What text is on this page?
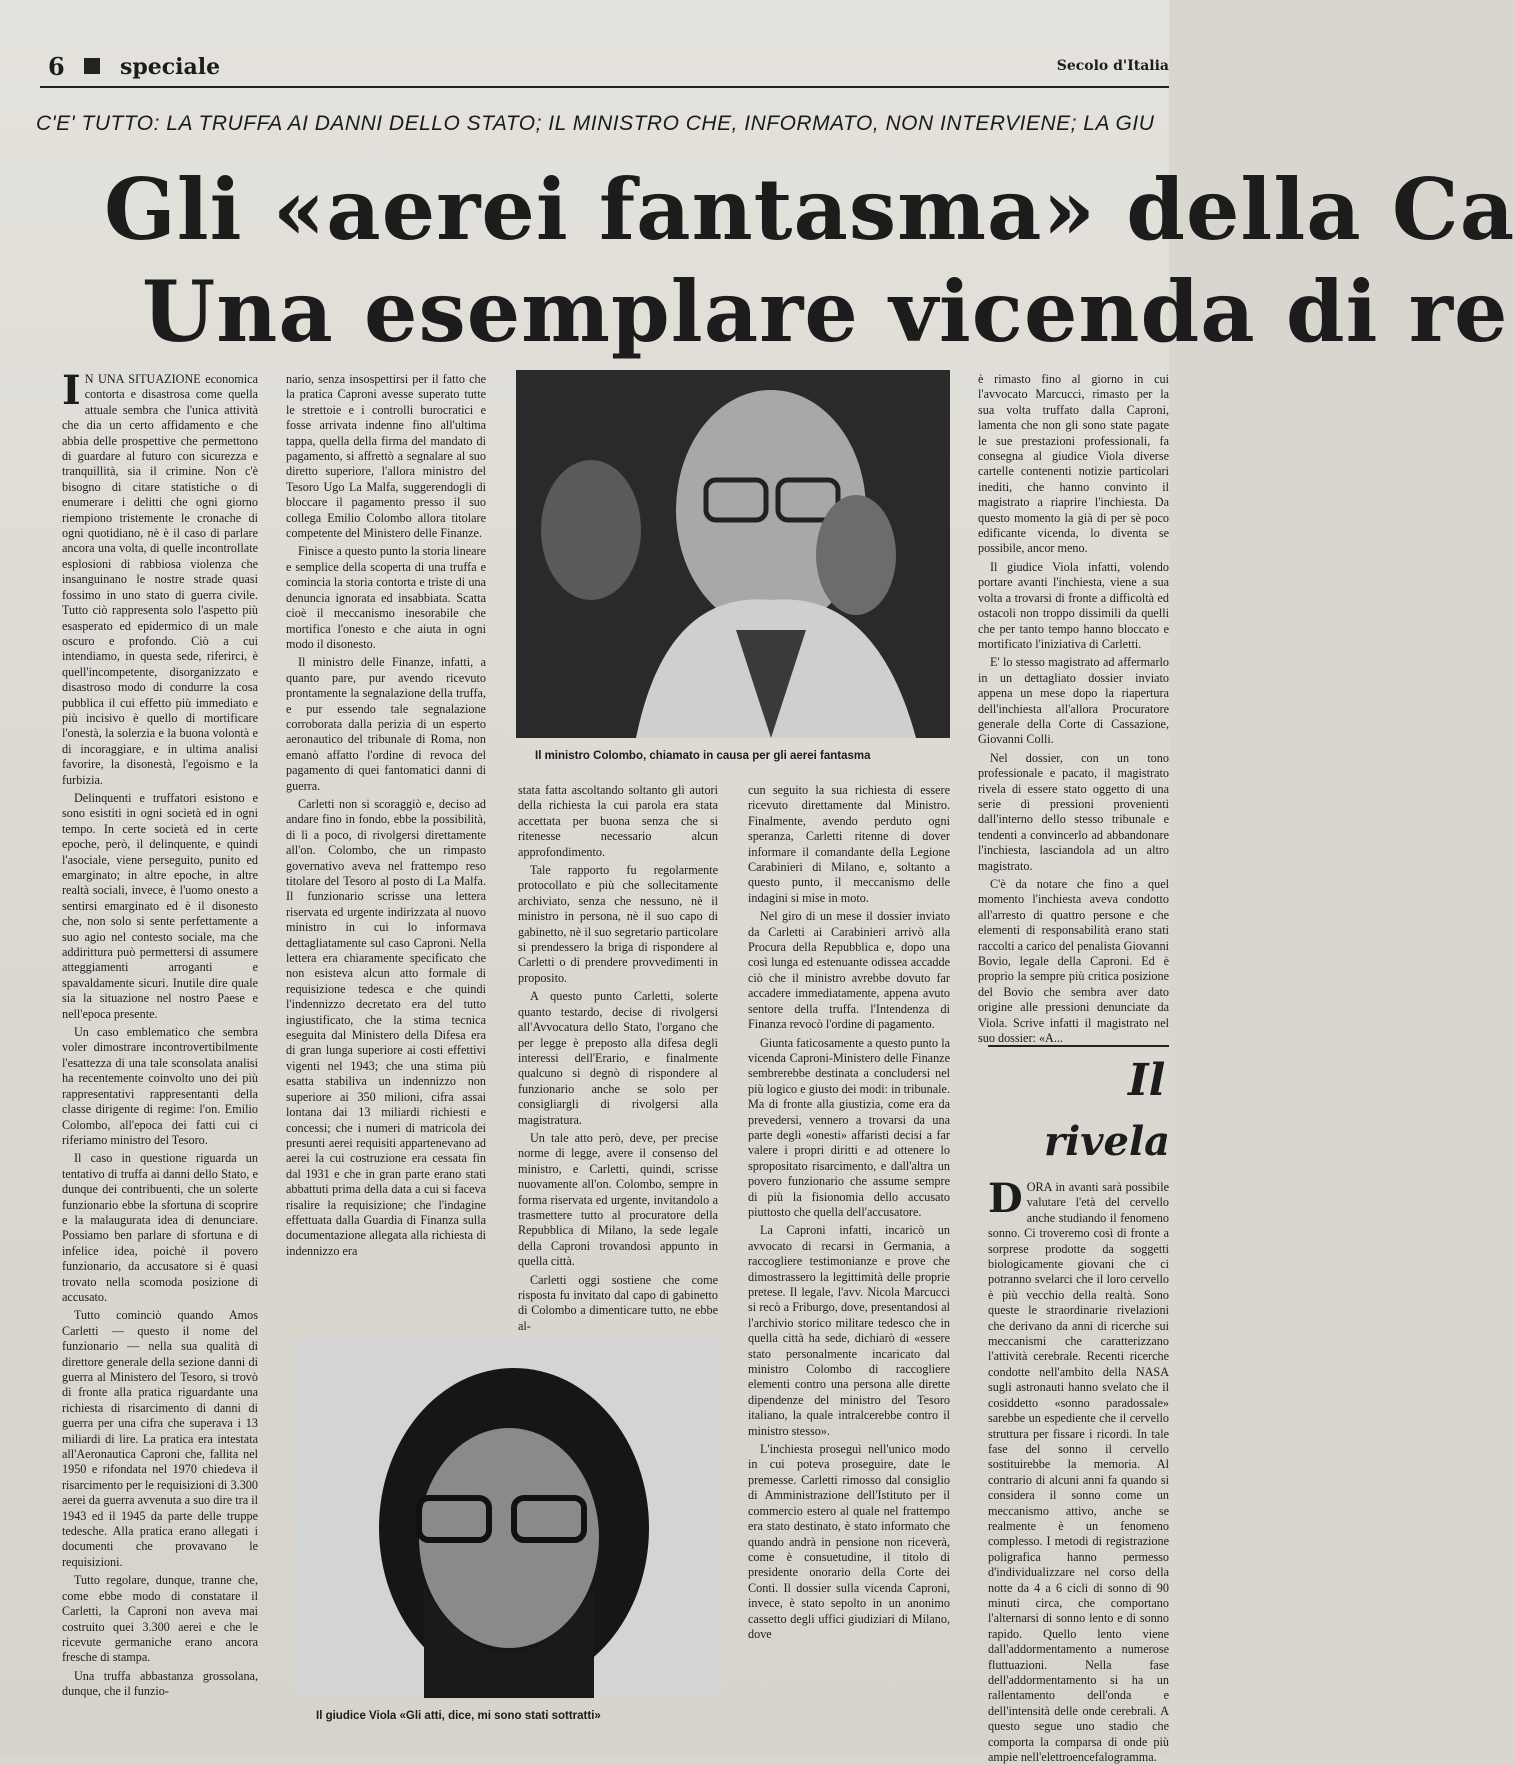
6	speciale	Secolo d'Italia
C'E' TUTTO: LA TRUFFA AI DANNI DELLO STATO; IL MINISTRO CHE, INFORMATO, NON INTERVIENE; LA GIU
Gli «aerei fantasma» della Ca
Una esemplare vicenda di re

I N UNA SITUAZIONE economica contorta e disastrosa come quella attuale sembra che l'unica attività che dia un certo affidamento e che abbia delle prospettive che permettono di guardare al futuro con sicurezza e tranquillità, sia il crimine. Non c'è bisogno di citare statistiche o di enumerare i delitti che ogni giorno riempiono tristemente le cronache di ogni quotidiano, nè è il caso di parlare ancora una volta, di quelle incontrollate esplosioni di rabbiosa violenza che insanguinano le nostre strade quasi fossimo in uno stato di guerra civile. Tutto ciò rappresenta solo l'aspetto più esasperato ed epidermico di un male oscuro e profondo. Ciò a cui intendiamo, in questa sede, riferirci, è quell'incompetente, disorganizzato e disastroso modo di condurre la cosa pubblica il cui effetto più immediato e più incisivo è quello di mortificare l'onestà, la solerzia e la buona volontà e di incoraggiare, e in ultima analisi favorire, la disonestà, l'egoismo e la furbizia.

Delinquenti e truffatori esistono e sono esistiti in ogni società ed in ogni tempo. In certe società ed in certe epoche, però, il delinquente, e quindi l'asociale, viene perseguito, punito ed emarginato; in altre epoche, in altre realtà sociali, invece, è l'uomo onesto a sentirsi emarginato ed è il disonesto che, non solo si sente perfettamente a suo agio nel contesto sociale, ma che addirittura può permettersi di assumere atteggiamenti arroganti e spavaldamente sicuri. Inutile dire quale sia la situazione nel nostro Paese e nell'epoca presente.

Un caso emblematico che sembra voler dimostrare incontrovertibilmente l'esattezza di una tale sconsolata analisi ha recentemente coinvolto uno dei più rappresentativi rappresentanti della classe dirigente di regime: l'on. Emilio Colombo, all'epoca dei fatti cui ci riferiamo ministro del Tesoro.

Il caso in questione riguarda un tentativo di truffa ai danni dello Stato, e dunque dei contribuenti, che un solerte funzionario ebbe la sfortuna di scoprire e la malaugurata idea di denunciare. Possiamo ben parlare di sfortuna e di infelice idea, poichè il povero funzionario, da accusatore si è quasi trovato nella scomoda posizione di accusato.

Tutto cominciò quando Amos Carletti — questo il nome del funzionario — nella sua qualità di direttore generale della sezione danni di guerra al Ministero del Tesoro, si trovò di fronte alla pratica riguardante una richiesta di risarcimento di danni di guerra per una cifra che superava i 13 miliardi di lire. La pratica era intestata all'Aeronautica Caproni che, fallita nel 1950 e rifondata nel 1970 chiedeva il risarcimento per le requisizioni di 3.300 aerei da guerra avvenuta a suo dire tra il 1943 ed il 1945 da parte delle truppe tedesche. Alla pratica erano allegati i documenti che provavano le requisizioni.

Tutto regolare, dunque, tranne che, come ebbe modo di constatare il Carletti, la Caproni non aveva mai costruito quei 3.300 aerei e che le ricevute germaniche erano ancora fresche di stampa.

Una truffa abbastanza grossolana, dunque, che il funzio-

nario, senza insospettirsi per il fatto che la pratica Caproni avesse superato tutte le strettoie e i controlli burocratici e fosse arrivata indenne fino all'ultima tappa, quella della firma del mandato di pagamento, si affrettò a segnalare al suo diretto superiore, l'allora ministro del Tesoro Ugo La Malfa, suggerendogli di bloccare il pagamento presso il suo collega Emilio Colombo allora titolare competente del Ministero delle Finanze.

Finisce a questo punto la storia lineare e semplice della scoperta di una truffa e comincia la storia contorta e tristе di una denuncia ignorata ed insabbiata. Scatta cioè il meccanismo inesorabile che mortifica l'onesto e che aiuta in ogni modo il disonesto.

Il ministro delle Finanze, infatti, a quanto pare, pur avendo ricevuto prontamente la segnalazione della truffa, e pur essendo tale segnalazione corroborata dalla perizia di un esperto aeronautico del tribunale di Roma, non emanò affatto l'ordine di revoca del pagamento di quei fantomatici danni di guerra.

Carletti non si scoraggiò e, deciso ad andare fino in fondo, ebbe la possibilità, di lì a poco, di rivolgersi direttamente all'on. Colombo, che un rimpasto governativo aveva nel frattempo reso titolare del Tesoro al posto di La Malfa. Il funzionario scrisse una lettera riservata ed urgente indirizzata al nuovo ministro in cui lo informava dettagliatamente sul caso Caproni. Nella lettera era chiaramente specificato che non esisteva alcun atto formale di requisizione tedesca e che quindi l'indennizzo decretato era del tutto ingiustificato, che la stima tecnica eseguita dal Ministero della Difesa era di gran lunga superiore ai costi effettivi vigenti nel 1943; che una stima più esatta stabiliva un indennizzo non superiore ai 350 milioni, cifra assai lontana dai 13 miliardi richiesti e concessi; che i numeri di matricola dei presunti aerei requisiti appartenevano ad aerei la cui costruzione era cessata fin dal 1931 e che in gran parte erano stati abbattuti prima della data a cui si faceva risalire la requisizione; che l'indagine effettuata dalla Guardia di Finanza sulla documentazione allegata alla richiesta di indennizzo era

Il ministro Colombo, chiamato in causa per gli aerei fantasma

stata fatta ascoltando soltanto gli autori della richiesta la cui parola era stata accettata per buona senza che si ritenesse necessario alcun approfondimento.

Tale rapporto fu regolarmente protocollato e più che sollecitamente archiviato, senza che nessuno, nè il ministro in persona, nè il suo capo di gabinetto, nè il suo segretario particolare si prendessero la briga di rispondere al Carletti o di prendere provvedimenti in proposito.

A questo punto Carletti, solerte quanto testardo, decise di rivolgersi all'Avvocatura dello Stato, l'organo che per legge è preposto alla difesa degli interessi dell'Erario, e finalmente qualcuno si degnò di rispondere al funzionario anche se solo per consigliargli di rivolgersi alla magistratura.

Un tale atto però, deve, per precise norme di legge, avere il consenso del ministro, e Carletti, quindi, scrisse nuovamente all'on. Colombo, sempre in forma riservata ed urgente, invitandolo a trasmettere tutto al procuratore della Repubblica di Milano, la sede legale della Caproni trovandosi appunto in quella città.

Carletti oggi sostiene che come risposta fu invitato dal capo di gabinetto di Colombo a dimenticare tutto, ne ebbe al-

cun seguito la sua richiesta di essere ricevuto direttamente dal Ministro. Finalmente, avendo perduto ogni speranza, Carletti ritenne di dover informare il comandante della Legione Carabinieri di Milano, e, soltanto a questo punto, il meccanismo delle indagini si mise in moto.

Nel giro di un mese il dossier inviato da Carletti ai Carabinieri arrivò alla Procura della Repubblica e, dopo una così lunga ed estenuante odissea accadde ciò che il ministro avrebbe dovuto far accadere immediatamente, appena avuto sentore della truffa. l'Intendenza di Finanza revocò l'ordine di pagamento.

Giunta faticosamente a questo punto la vicenda Caproni-Ministero delle Finanze sembrerebbe destinata a concludersi nel più logico e giusto dei modi: in tribunale. Ma di fronte alla giustizia, come era da prevedersi, vennero a trovarsi da una parte degli «onesti» affaristi decisi a far valere i propri diritti e ad ottenere lo spropositato risarcimento, e dall'altra un povero funzionario che assume sempre di più la fisionomia dello accusato piuttosto che quella dell'accusatore.

La Caproni infatti, incaricò un avvocato di recarsi in Germania, a raccogliere testimonianze e prove che dimostrassero la legittimità delle proprie pretese. Il legale, l'avv. Nicola Marcucci si recò a Friburgo, dove, presentandosi al l'archivio storico militare tedesco che in quella città ha sede, dichiarò di «essere stato personalmente incaricato dal ministro Colombo di raccogliere elementi contro una persona alle dirette dipendenze del ministro del Tesoro italiano, la quale intralcerebbe contro il ministro stesso».

L'inchiesta proseguì nell'unico modo in cui poteva proseguire, date le premesse. Carletti rimosso dal consiglio di Amministrazione dell'Istituto per il commercio estero al quale nel frattempo era stato destinato, è stato informato che quando andrà in pensione non riceverà, come è consuetudine, il titolo di presidente onorario della Corte dei Conti. Il dossier sulla vicenda Caproni, invece, è stato sepolto in un anonimo cassetto degli uffici giudiziari di Milano, dove

Il giudice Viola «Gli atti, dice, mi sono stati sottratti»

è rimasto fino al giorno in cui l'avvocato Marcucci, rimasto per la sua volta truffato dalla Caproni, lamenta che non gli sono state pagate le sue prestazioni professionali, fa consegna al giudice Viola diverse cartelle contenenti notizie particolari inediti, che hanno convinto il magistrato a riaprire l'inchiesta. Da questo momento la già di per sè poco edificante vicenda, lo diventa se possibile, ancor meno.

Il giudice Viola infatti, volendo portare avanti l'inchiesta, viene a sua volta a trovarsi di fronte a difficoltà ed ostacoli non troppo dissimili da quelli che per tanto tempo hanno bloccato e mortificato l'iniziativa di Carletti.

E' lo stesso magistrato ad affermarlo in un dettagliato dossier inviato appena un mese dopo la riapertura dell'inchiesta all'allora Procuratore generale della Corte di Cassazione, Giovanni Colli.

Nel dossier, con un tono professionale e pacato, il magistrato rivela di essere stato oggetto di una serie di pressioni provenienti dall'interno dello stesso tribunale e tendenti a convincerlo ad abbandonare l'inchiesta, lasciandola ad un altro magistrato.

C'è da notare che fino a quel momento l'inchiesta aveva condotto all'arresto di quattro persone e che elementi di responsabilità erano stati raccolti a carico del penalista Giovanni Bovio, legale della Caproni. Ed è proprio la sempre più critica posizione del Bovio che sembra aver dato origine alle pressioni denunciate da Viola. Scrive infatti il magistrato nel suo dossier: «A...

Il
rivela

DORA in avanti sarà possibile valutare l'età del cervello anche studiando il fenomeno sonno. Ci troveremo così di fronte a sorprese prodotte da soggetti biologicamente giovani che ci potranno svelarci che il loro cervello è più vecchio della realtà. Sono queste le straordinarie rivelazioni che derivano da anni di ricerche sui meccanismi che caratterizzano l'attività cerebrale. Recenti ricerche condotte nell'ambito della NASA sugli astronauti hanno svelato che il cosiddetto «sonno paradossale» sarebbe un espediente che il cervello struttura per fissare i ricordi. In tale fase del sonno il cervello sostituirebbe la memoria. Al contrario di alcuni anni fa quando si considera il sonno come un meccanismo attivo, anche se realmente è un fenomeno complesso. I metodi di registrazione poligrafica hanno permesso d'individualizzare nel corso della notte da 4 a 6 cicli di sonno di 90 minuti circa, che comportano l'alternarsi di sonno lento e di sonno rapido. Quello lento viene dall'addormentamento a numerose fluttuazioni. Nella fase dell'addormentamento si ha un rallentamento dell'onda e dell'intensità delle onde cerebrali. A questo segue uno stadio che comporta la comparsa di onde più ampie nell'elettroencefalogramma.
